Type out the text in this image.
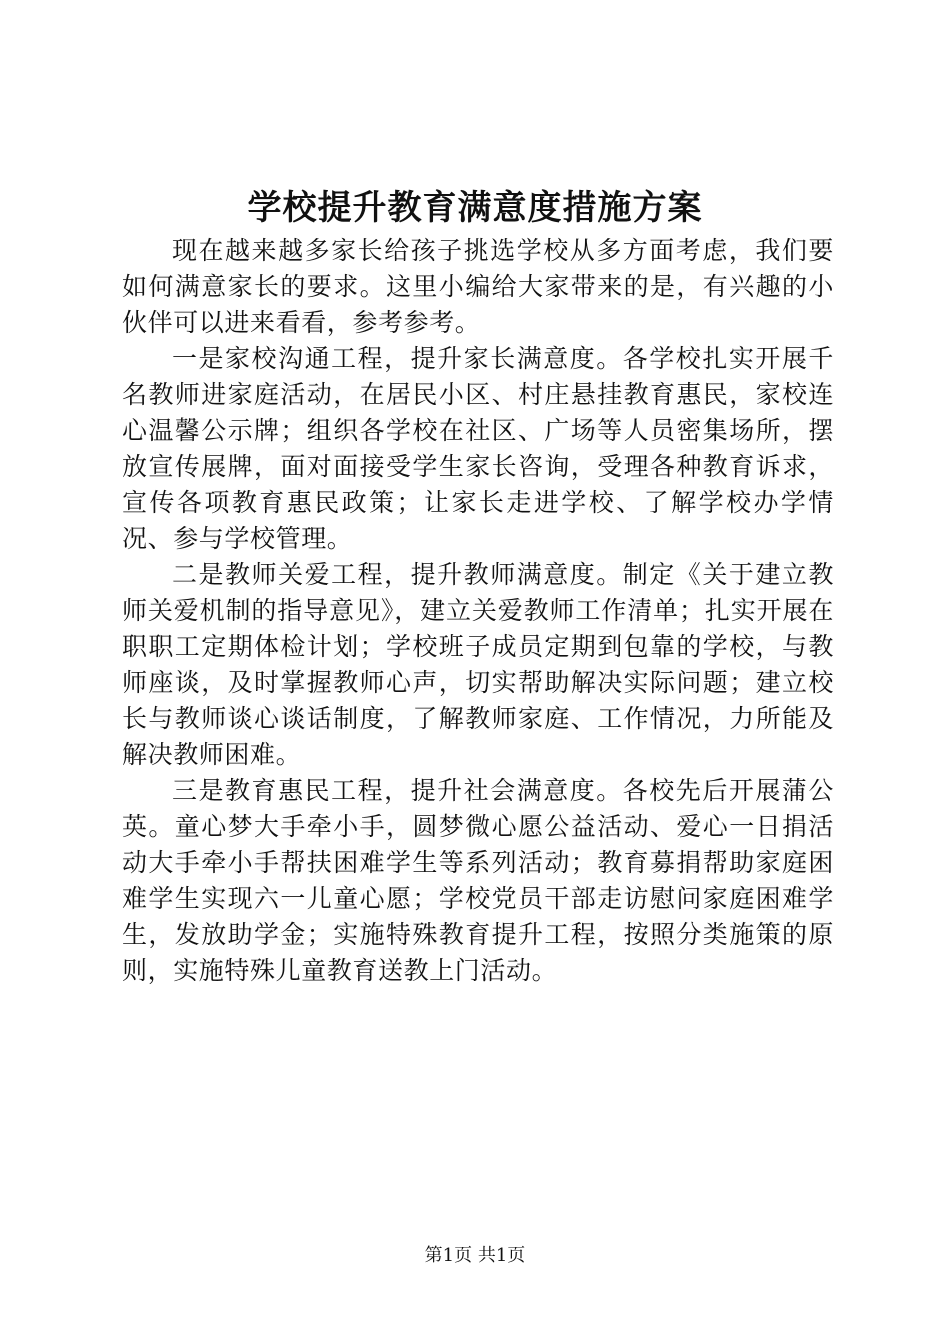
学校提升教育满意度措施方案

现在越来越多家长给孩子挑选学校从多方面考虑，我们要如何满意家长的要求。这里小编给大家带来的是，有兴趣的小伙伴可以进来看看，参考参考。

一是家校沟通工程，提升家长满意度。各学校扎实开展千名教师进家庭活动，在居民小区、村庄悬挂教育惠民，家校连心温馨公示牌；组织各学校在社区、广场等人员密集场所，摆放宣传展牌，面对面接受学生家长咨询，受理各种教育诉求，宣传各项教育惠民政策；让家长走进学校、了解学校办学情况、参与学校管理。

二是教师关爱工程，提升教师满意度。制定《关于建立教师关爱机制的指导意见》，建立关爱教师工作清单；扎实开展在职职工定期体检计划；学校班子成员定期到包靠的学校，与教师座谈，及时掌握教师心声，切实帮助解决实际问题；建立校长与教师谈心谈话制度，了解教师家庭、工作情况，力所能及解决教师困难。

三是教育惠民工程，提升社会满意度。各校先后开展蒲公英。童心梦大手牵小手，圆梦微心愿公益活动、爱心一日捐活动大手牵小手帮扶困难学生等系列活动；教育募捐帮助家庭困难学生实现六一儿童心愿；学校党员干部走访慰问家庭困难学生，发放助学金；实施特殊教育提升工程，按照分类施策的原则，实施特殊儿童教育送教上门活动。

第1页 共1页
